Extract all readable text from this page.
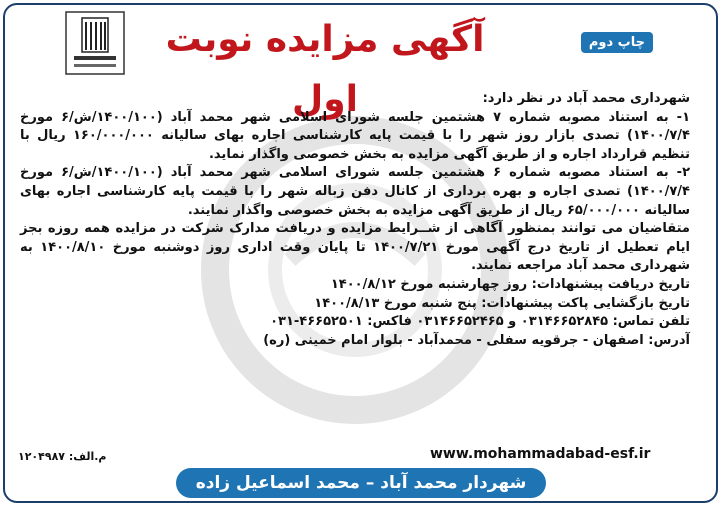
آگهی مزایده نوبت اول
چاپ دوم

شهرداری محمد آباد در نظر دارد:

۱- به استناد مصوبه شماره ۷ هشتمین جلسه شورای اسلامی شهر محمد آباد (۱۴۰۰/۱۰۰/ش/۶ مورخ ۱۴۰۰/۷/۴) تصدی بازار روز شهر را با قیمت پایه کارشناسی اجاره بهای سالیانه ۱۶۰/۰۰۰/۰۰۰ ریال با تنظیم قرارداد اجاره و از طریق آگهی مزایده به بخش خصوصی واگذار نماید.

۲- به استناد مصوبه شماره ۶ هشتمین جلسه شورای اسلامی شهر محمد آباد (۱۴۰۰/۱۰۰/ش/۶ مورخ ۱۴۰۰/۷/۴) تصدی اجاره و بهره برداری از کانال دفن زباله شهر را با قیمت پایه کارشناسی اجاره بهای سالیانه ۶۵/۰۰۰/۰۰۰ ریال از طریق آگهی مزایده به بخش خصوصی واگذار نمایند.

متقاضیان می توانند بمنظور آگاهی از شــرایط مزایده و دریافت مدارک شرکت در مزایده همه روزه بجز ایام تعطیل از تاریخ درج آگهی مورخ ۱۴۰۰/۷/۲۱ تا پایان وقت اداری روز دوشنبه مورخ ۱۴۰۰/۸/۱۰ به شهرداری محمد آباد مراجعه نمایند.

تاریخ دریافت پیشنهادات: روز چهارشنبه مورخ ۱۴۰۰/۸/۱۲

تاریخ بازگشایی پاکت پیشنهادات: پنج شنبه مورخ ۱۴۰۰/۸/۱۳

تلفن تماس: ۰۳۱۴۶۶۵۲۸۴۵ و ۰۳۱۴۶۶۵۲۴۶۵ فاکس: ۴۶۶۵۲۵۰۱-۰۳۱

آدرس: اصفهان - جرقویه سفلی - محمدآباد - بلوار امام خمینی (ره)

م.الف: ۱۲۰۴۹۸۷	www.mohammadabad-esf.ir
شهردار محمد آباد – محمد اسماعیل زاده
